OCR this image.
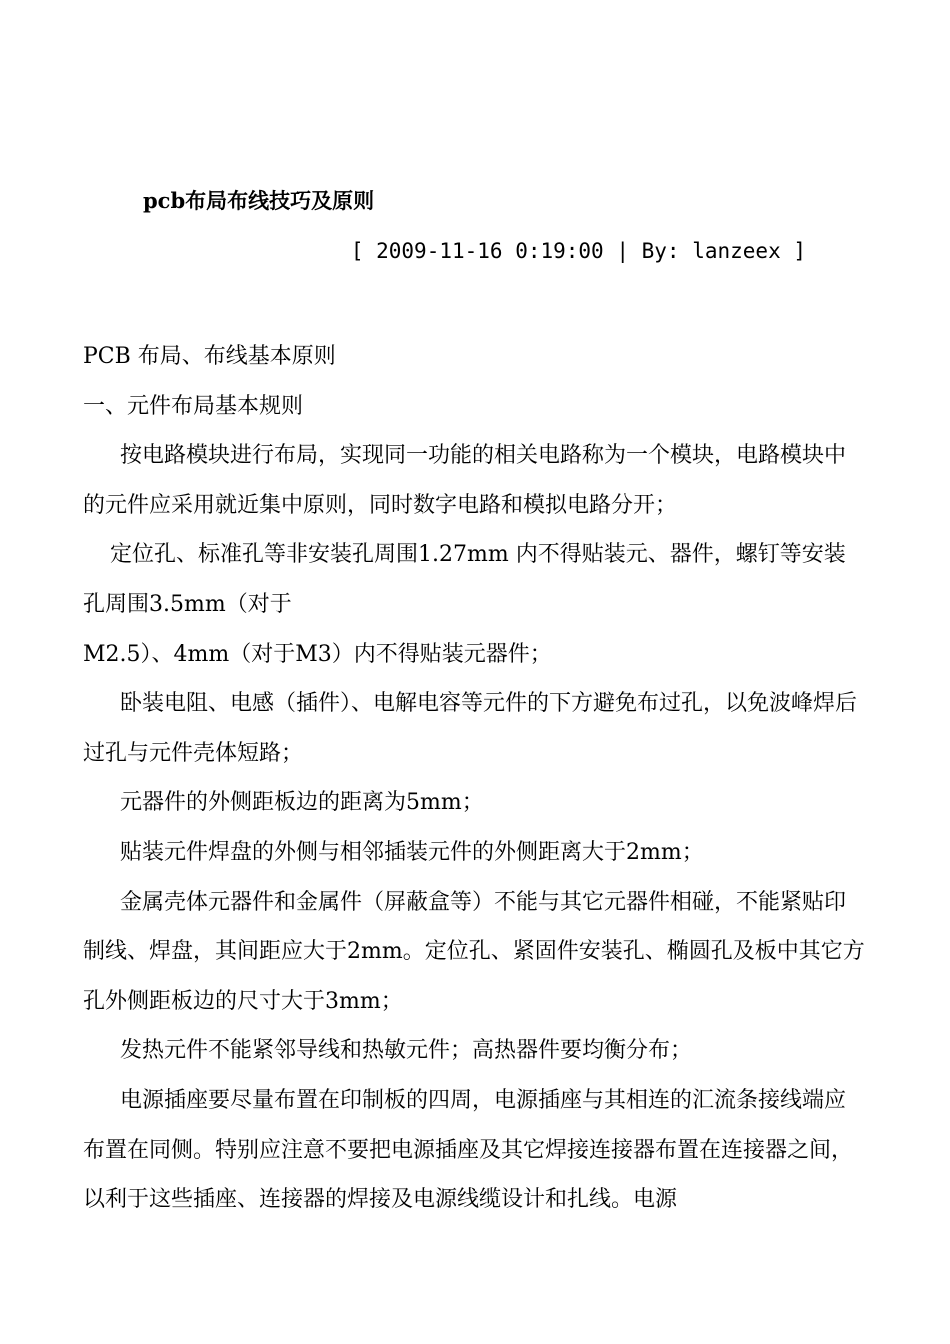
pcb布局布线技巧及原则
[ 2009-11-16 0:19:00 | By: lanzeex ]

PCB 布局、布线基本原则

一、元件布局基本规则

按电路模块进行布局，实现同一功能的相关电路称为一个模块，电路模块中的元件应采用就近集中原则，同时数字电路和模拟电路分开；

定位孔、标准孔等非安装孔周围1.27mm 内不得贴装元、器件，螺钉等安装孔周围3.5mm（对于

M2.5）、4mm（对于M3）内不得贴装元器件；

卧装电阻、电感（插件）、电解电容等元件的下方避免布过孔，以免波峰焊后过孔与元件壳体短路；

元器件的外侧距板边的距离为5mm；

贴装元件焊盘的外侧与相邻插装元件的外侧距离大于2mm；

金属壳体元器件和金属件（屏蔽盒等）不能与其它元器件相碰，不能紧贴印制线、焊盘，其间距应大于2mm。定位孔、紧固件安装孔、椭圆孔及板中其它方孔外侧距板边的尺寸大于3mm；

发热元件不能紧邻导线和热敏元件；高热器件要均衡分布；

电源插座要尽量布置在印制板的四周，电源插座与其相连的汇流条接线端应布置在同侧。特别应注意不要把电源插座及其它焊接连接器布置在连接器之间，以利于这些插座、连接器的焊接及电源线缆设计和扎线。电源
